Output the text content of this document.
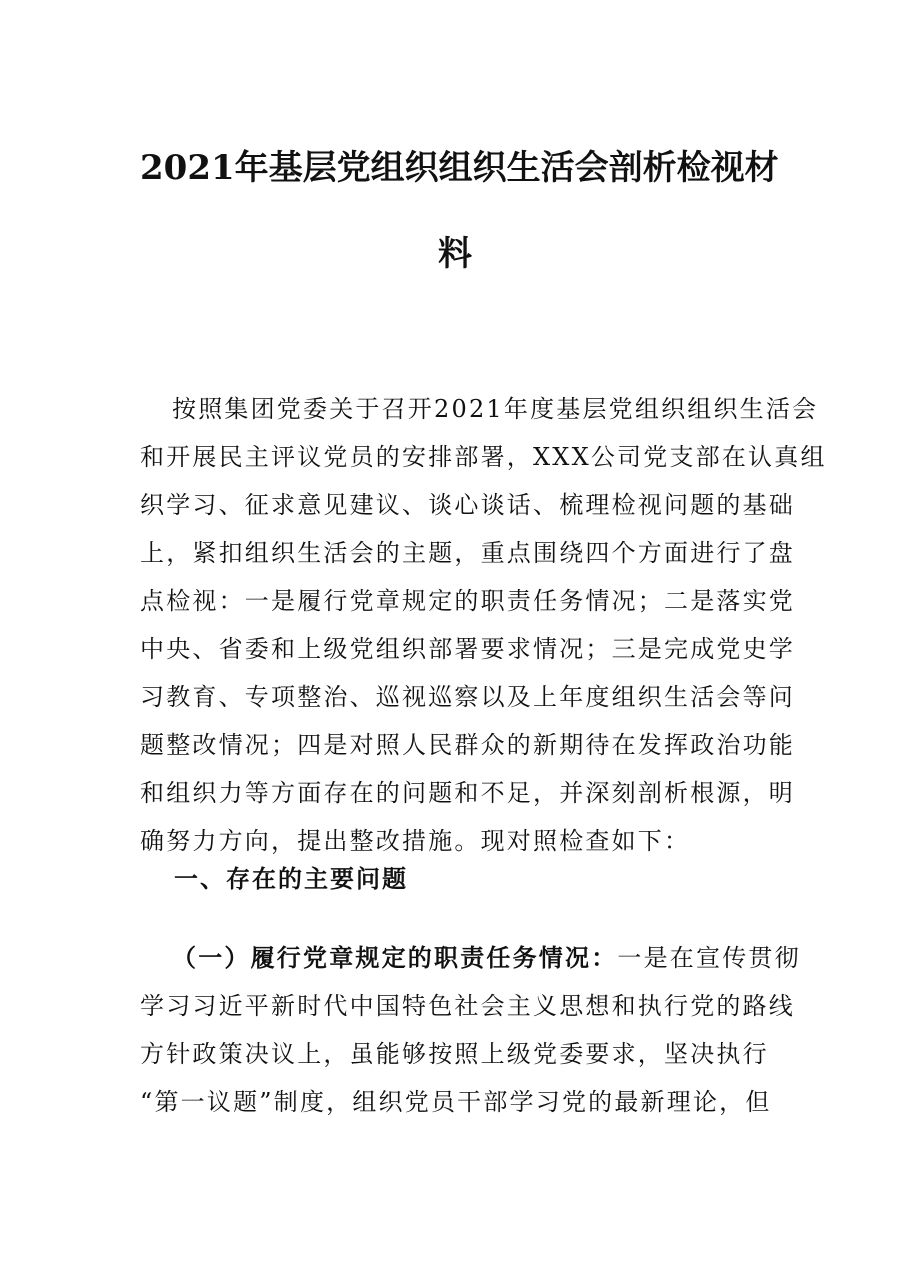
2021年基层党组织组织生活会剖析检视材
料
按照集团党委关于召开2021年度基层党组织组织生活会
和开展民主评议党员的安排部署，XXX公司党支部在认真组
织学习、征求意见建议、谈心谈话、梳理检视问题的基础
上，紧扣组织生活会的主题，重点围绕四个方面进行了盘
点检视：一是履行党章规定的职责任务情况；二是落实党
中央、省委和上级党组织部署要求情况；三是完成党史学
习教育、专项整治、巡视巡察以及上年度组织生活会等问
题整改情况；四是对照人民群众的新期待在发挥政治功能
和组织力等方面存在的问题和不足，并深刻剖析根源，明
确努力方向，提出整改措施。现对照检查如下：
一、存在的主要问题
（一）履行党章规定的职责任务情况：一是在宣传贯彻
学习习近平新时代中国特色社会主义思想和执行党的路线
方针政策决议上，虽能够按照上级党委要求，坚决执行
“第一议题”制度，组织党员干部学习党的最新理论，但
